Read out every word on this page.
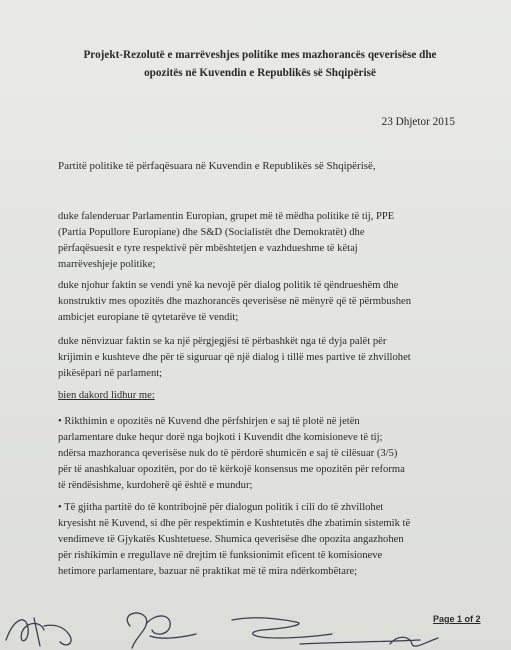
Projekt-Rezolutë e marrëveshjes politike mes mazhorancës qeverisëse dhe
opozitës në Kuvendin e Republikës së Shqipërisë
23 Dhjetor 2015
Partitë politike të përfaqësuara në Kuvendin e Republikës së Shqipërisë,
duke falenderuar Parlamentin Europian, grupet më të mëdha politike të tij, PPE
(Partia Popullore Europiane) dhe S&D (Socialistët dhe Demokratët) dhe
përfaqësuesit e tyre respektivë për mbështetjen e vazhdueshme të këtaj
marrëveshjeje politike;
duke njohur faktin se vendi ynë ka nevojë për dialog politik të qëndrueshëm dhe
konstruktiv mes opozitës dhe mazhorancës qeverisëse në mënyrë që të përmbushen
ambicjet europiane të qytetarëve të vendit;
duke nënvizuar faktin se ka një përgjegjësi të përbashkët nga të dyja palët për
krijimin e kushteve dhe për të siguruar që një dialog i tillë mes partive të zhvillohet
pikësëpari në parlament;
bien dakord lidhur me:
• Rikthimin e opozitës në Kuvend dhe përfshirjen e saj të plotë në jetën
parlamentare duke hequr dorë nga bojkoti i Kuvendit dhe komisioneve të tij;
ndërsa mazhoranca qeverisëse nuk do të përdorë shumicën e saj të cilësuar (3/5)
për të anashkaluar opozitën, por do të kërkojë konsensus me opozitën për reforma
të rëndësishme, kurdoherë që është e mundur;
• Të gjitha partitë do të kontribojnë për dialogun politik i cili do të zhvillohet
kryesisht në Kuvend, si dhe për respektimin e Kushtetutës dhe zbatimin sistemik të
vendimeve të Gjykatës Kushtetuese. Shumica qeverisëse dhe opozita angazhohen
për rishikimin e rregullave në drejtim të funksionimit eficent të komisioneve
hetimore parlamentare, bazuar në praktikat më të mira ndërkombëtare;
Page 1 of 2
